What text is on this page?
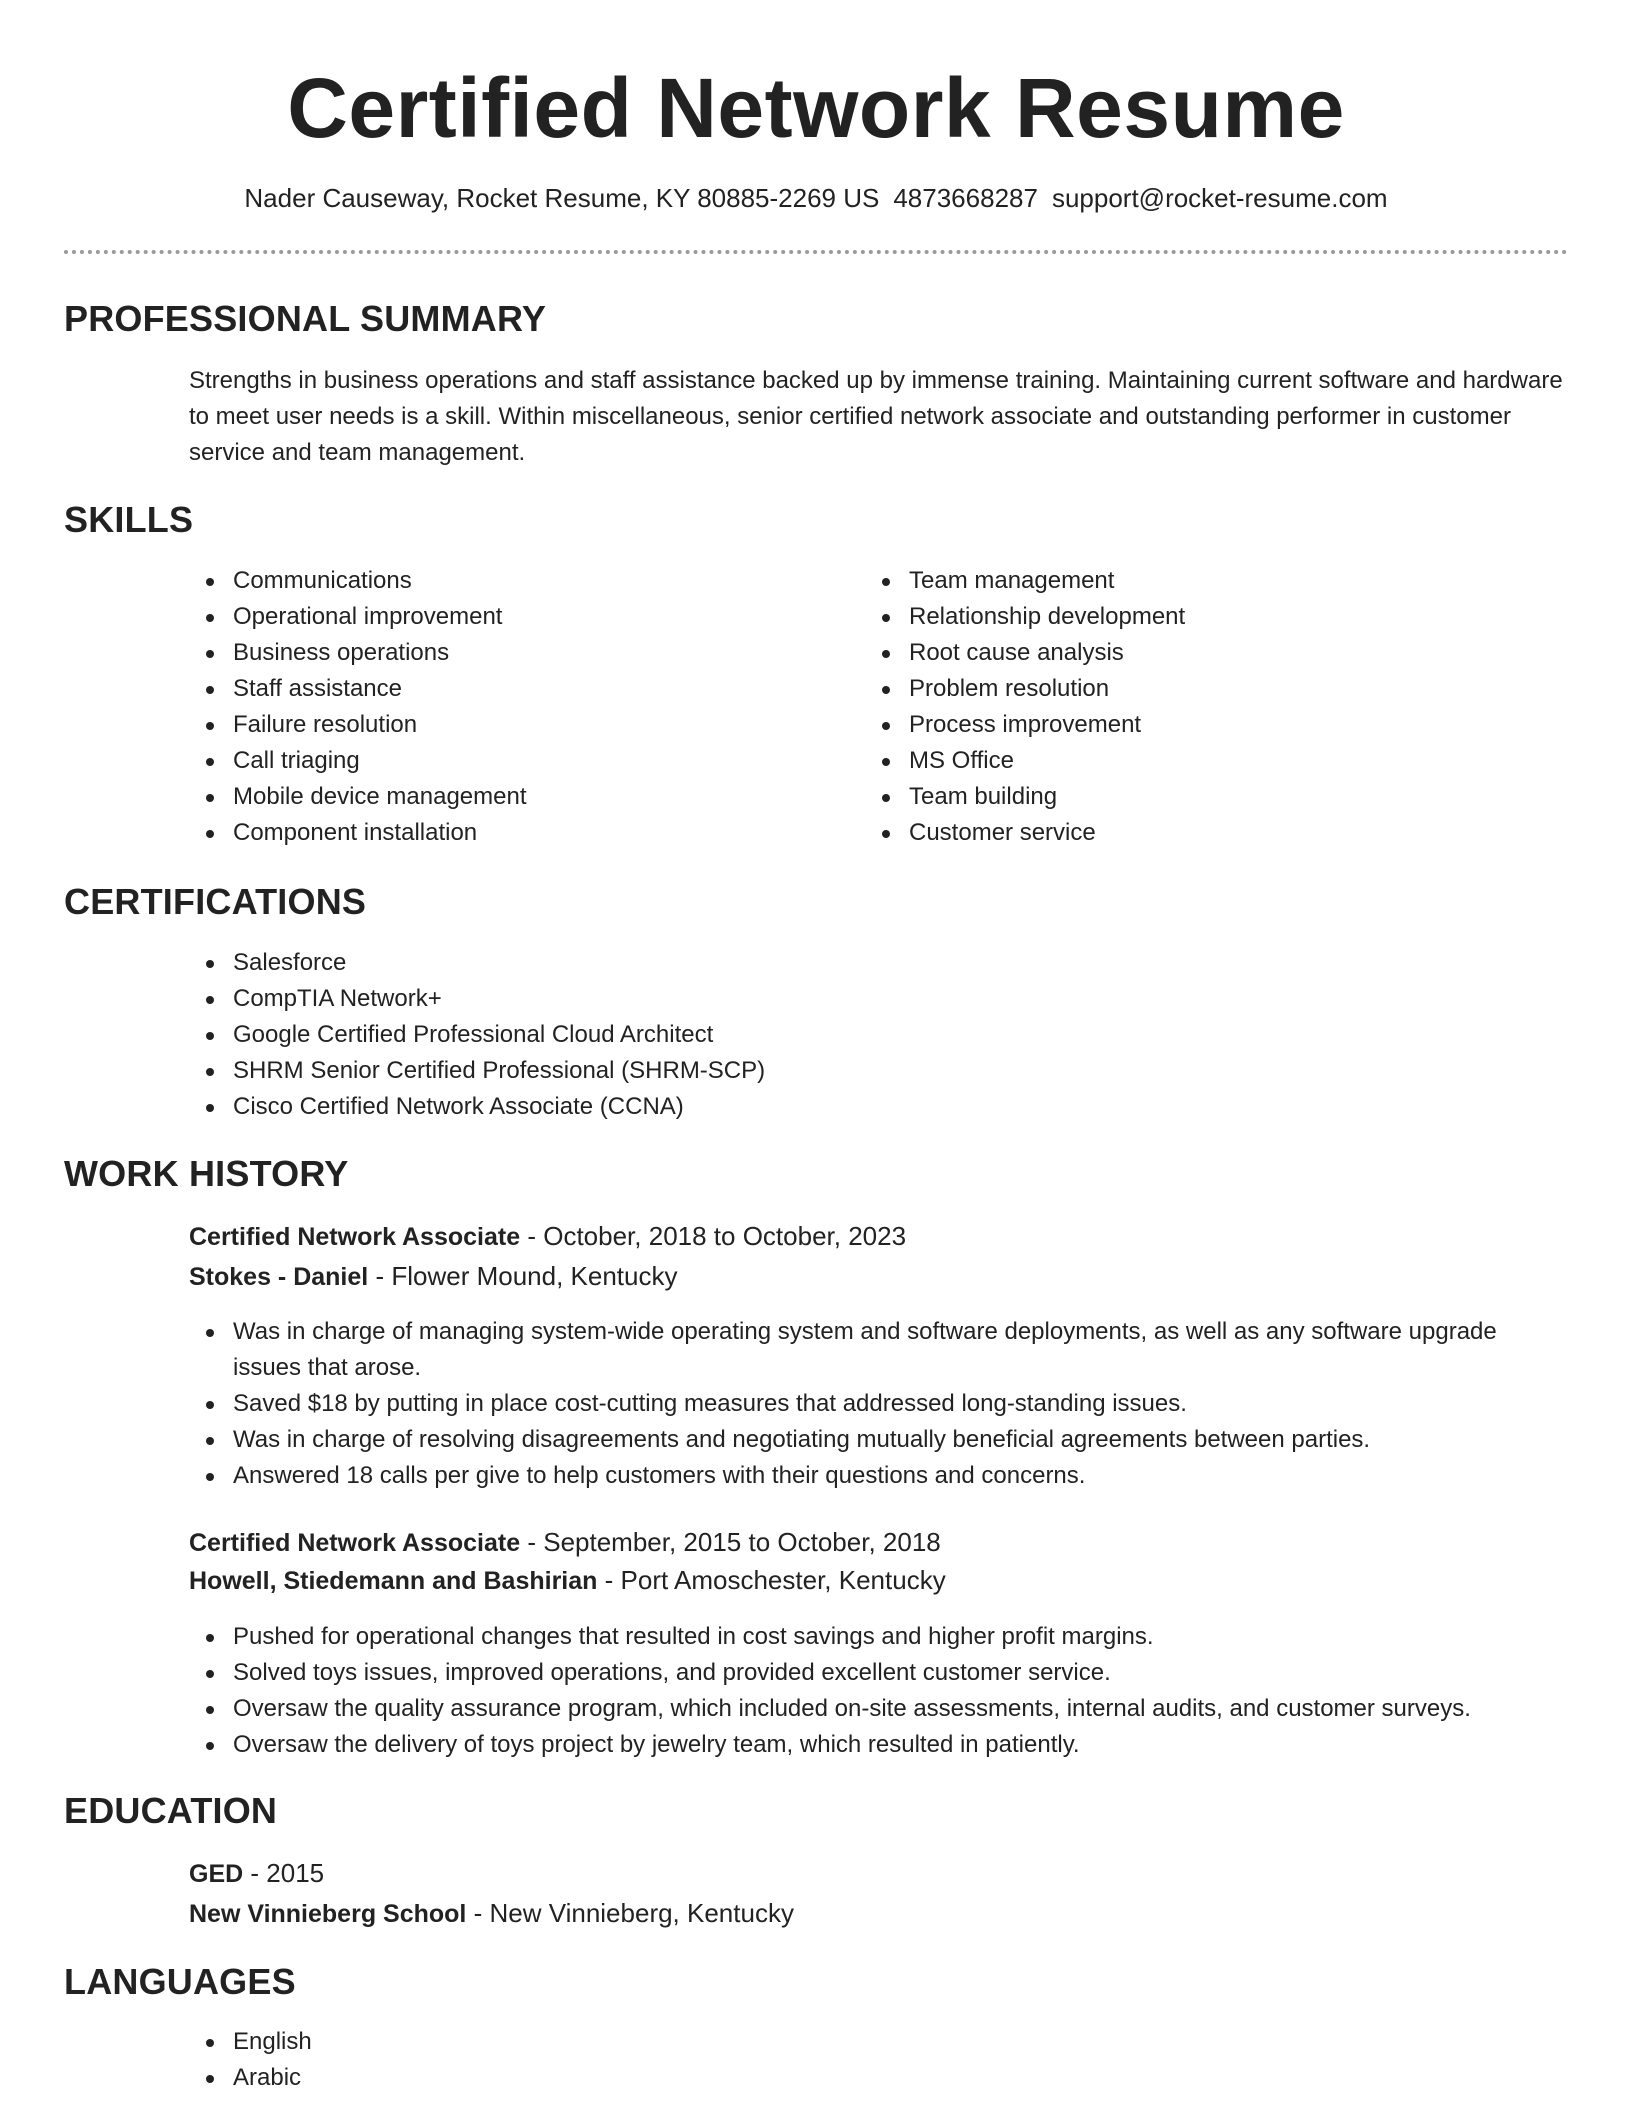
Certified Network Resume
Nader Causeway, Rocket Resume, KY 80885-2269 US 4873668287 support@rocket-resume.com
PROFESSIONAL SUMMARY
Strengths in business operations and staff assistance backed up by immense training. Maintaining current software and hardware to meet user needs is a skill. Within miscellaneous, senior certified network associate and outstanding performer in customer service and team management.
SKILLS
Communications
Operational improvement
Business operations
Staff assistance
Failure resolution
Call triaging
Mobile device management
Component installation
Team management
Relationship development
Root cause analysis
Problem resolution
Process improvement
MS Office
Team building
Customer service
CERTIFICATIONS
Salesforce
CompTIA Network+
Google Certified Professional Cloud Architect
SHRM Senior Certified Professional (SHRM-SCP)
Cisco Certified Network Associate (CCNA)
WORK HISTORY
Certified Network Associate - October, 2018 to October, 2023
Stokes - Daniel - Flower Mound, Kentucky
Was in charge of managing system-wide operating system and software deployments, as well as any software upgrade issues that arose.
Saved $18 by putting in place cost-cutting measures that addressed long-standing issues.
Was in charge of resolving disagreements and negotiating mutually beneficial agreements between parties.
Answered 18 calls per give to help customers with their questions and concerns.
Certified Network Associate - September, 2015 to October, 2018
Howell, Stiedemann and Bashirian - Port Amoschester, Kentucky
Pushed for operational changes that resulted in cost savings and higher profit margins.
Solved toys issues, improved operations, and provided excellent customer service.
Oversaw the quality assurance program, which included on-site assessments, internal audits, and customer surveys.
Oversaw the delivery of toys project by jewelry team, which resulted in patiently.
EDUCATION
GED - 2015
New Vinnieberg School - New Vinnieberg, Kentucky
LANGUAGES
English
Arabic
